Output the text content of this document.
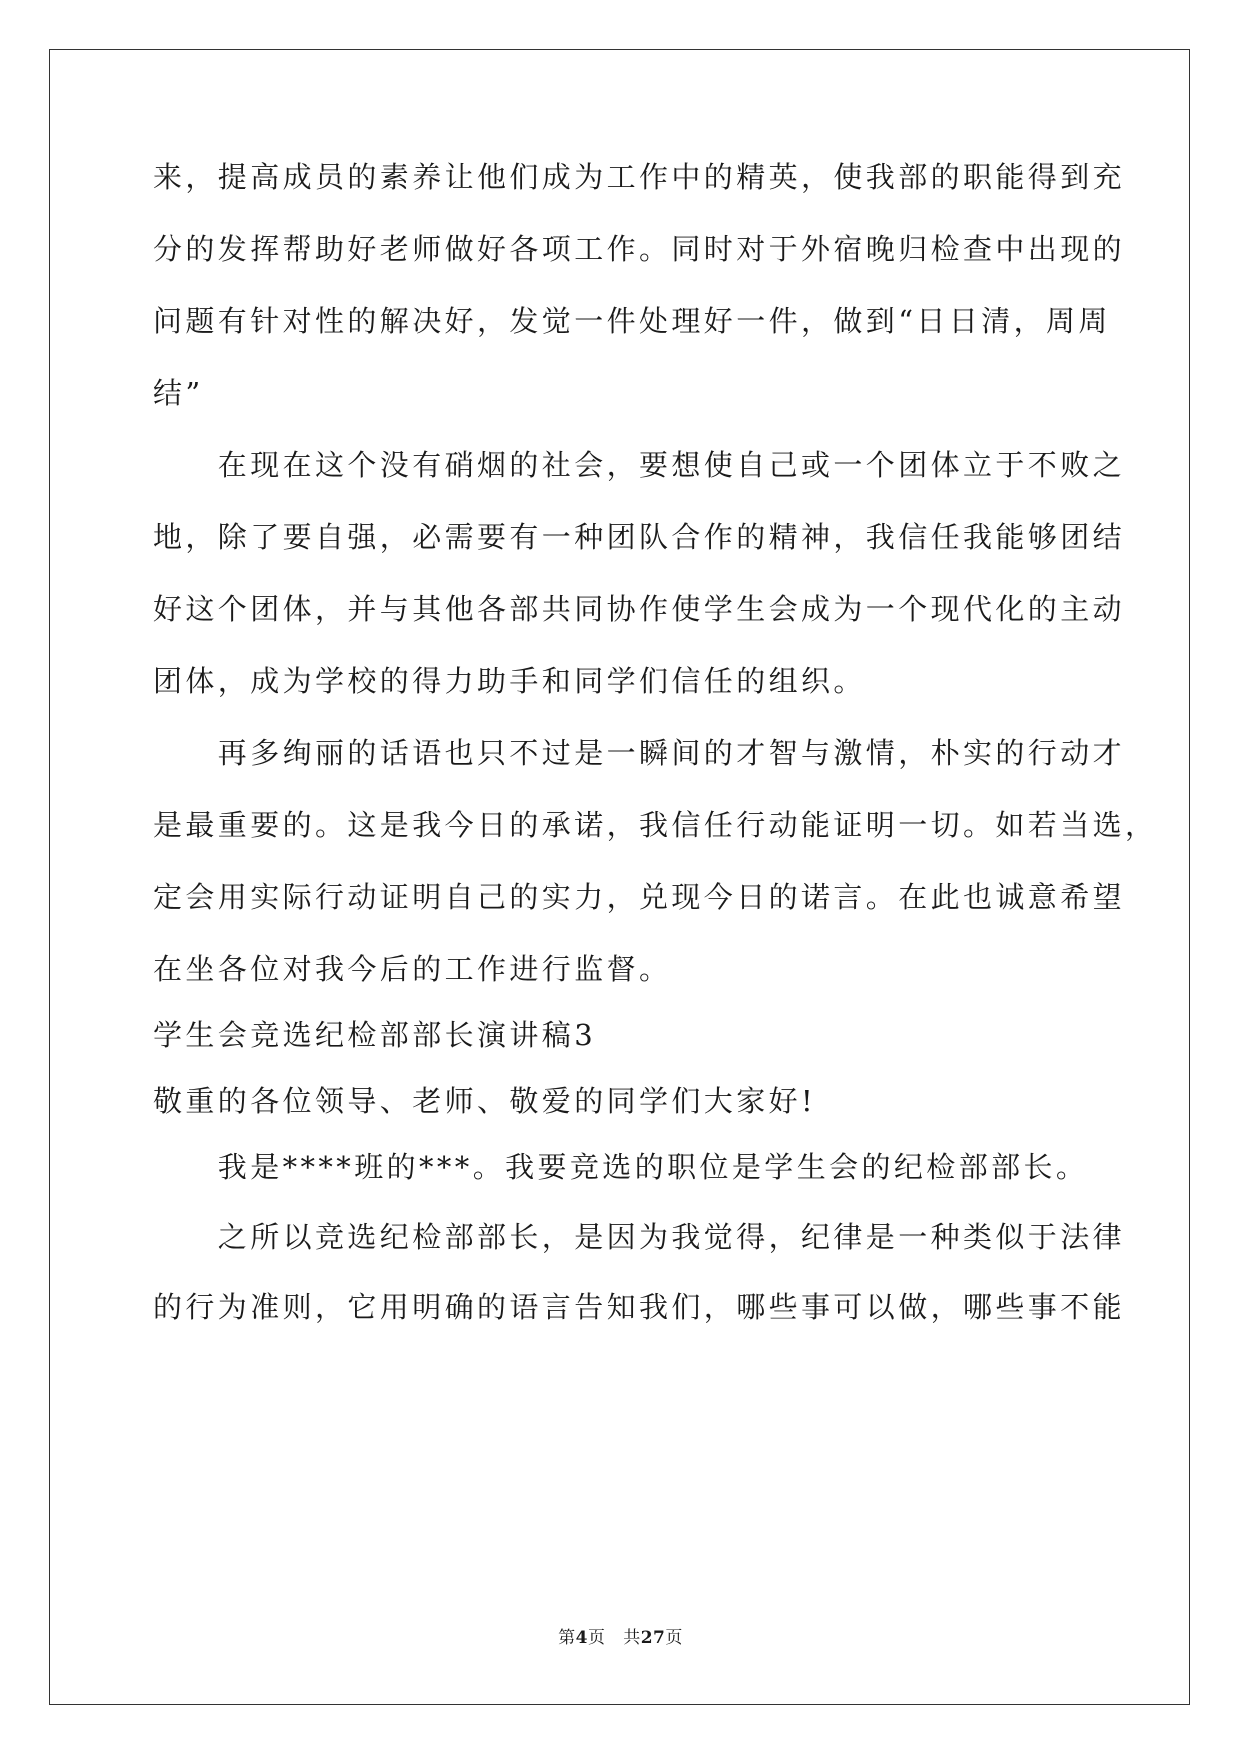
来，提高成员的素养让他们成为工作中的精英，使我部的职能得到充
分的发挥帮助好老师做好各项工作。同时对于外宿晚归检查中出现的
问题有针对性的解决好，发觉一件处理好一件，做到“日日清，周周
结”
　　在现在这个没有硝烟的社会，要想使自己或一个团体立于不败之
地，除了要自强，必需要有一种团队合作的精神，我信任我能够团结
好这个团体，并与其他各部共同协作使学生会成为一个现代化的主动
团体，成为学校的得力助手和同学们信任的组织。
　　再多绚丽的话语也只不过是一瞬间的才智与激情，朴实的行动才
是最重要的。这是我今日的承诺，我信任行动能证明一切。如若当选，
定会用实际行动证明自己的实力，兑现今日的诺言。在此也诚意希望
在坐各位对我今后的工作进行监督。
学生会竞选纪检部部长演讲稿3
敬重的各位领导、老师、敬爱的同学们大家好!
　　我是****班的***。我要竞选的职位是学生会的纪检部部长。
　　之所以竞选纪检部部长，是因为我觉得，纪律是一种类似于法律
的行为准则，它用明确的语言告知我们，哪些事可以做，哪些事不能
第4页 共27页
